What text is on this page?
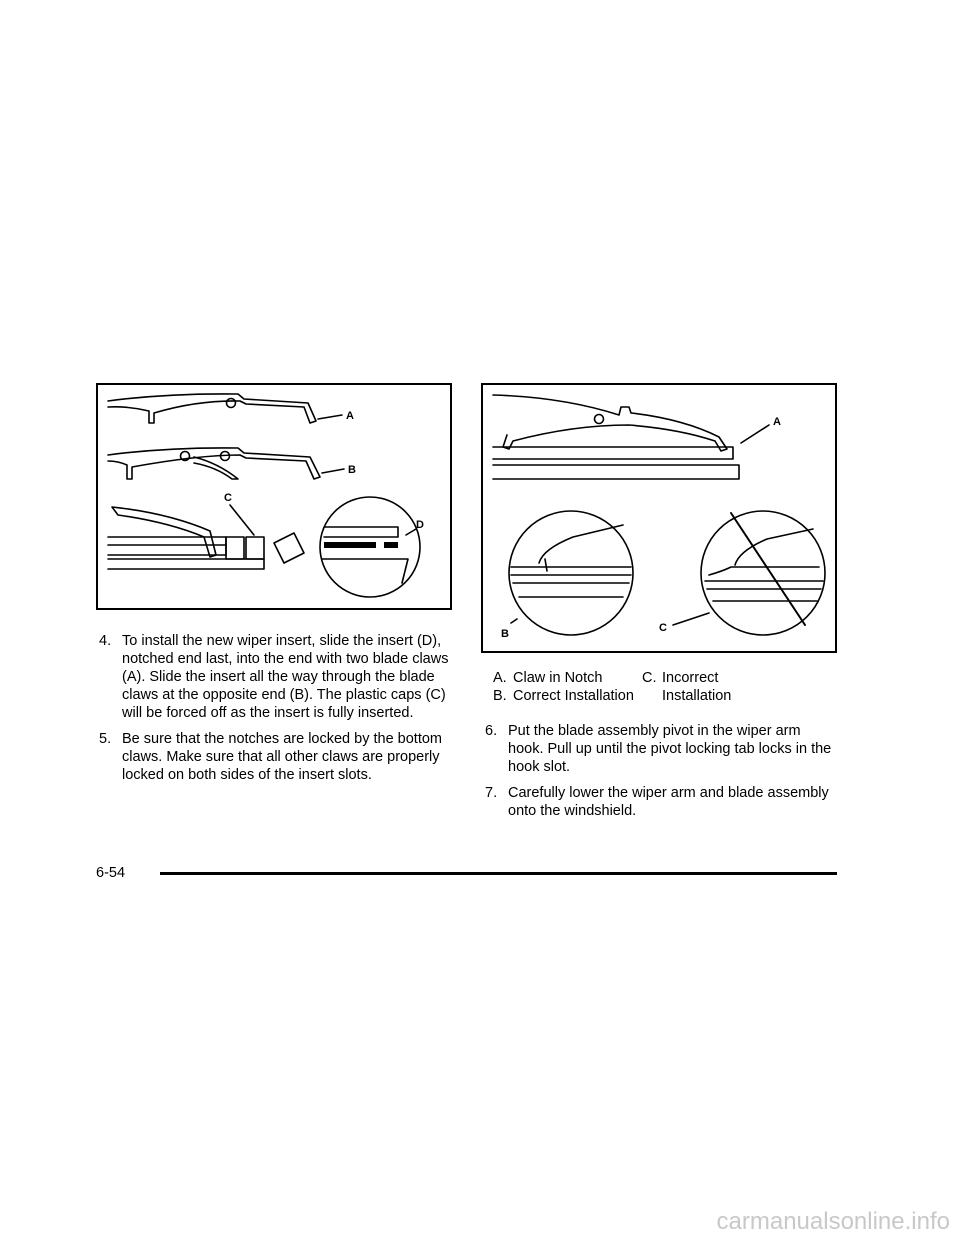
A
B
C
D
A
B	C
4. To install the new wiper insert, slide the insert (D), notched end last, into the end with two blade claws (A). Slide the insert all the way through the blade claws at the opposite end (B). The plastic caps (C) will be forced off as the insert is fully inserted.
5. Be sure that the notches are locked by the bottom claws. Make sure that all other claws are properly locked on both sides of the insert slots.
A. Claw in Notch
B. Correct Installation
C. Incorrect Installation
6. Put the blade assembly pivot in the wiper arm hook. Pull up until the pivot locking tab locks in the hook slot.
7. Carefully lower the wiper arm and blade assembly onto the windshield.
6-54
carmanualsonline.info
